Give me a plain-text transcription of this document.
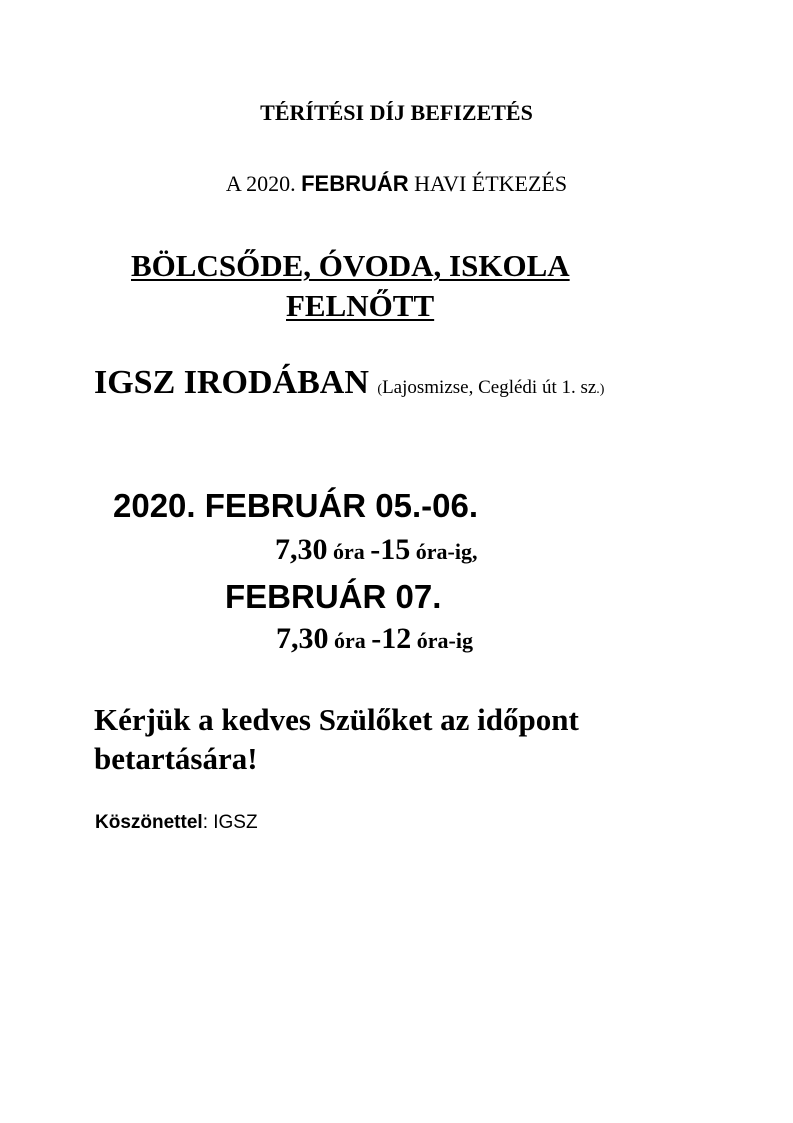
TÉRÍTÉSI DÍJ BEFIZETÉS
A 2020. FEBRUÁR HAVI ÉTKEZÉS
BÖLCSŐDE, ÓVODA, ISKOLA
FELNŐTT
IGSZ IRODÁBAN (Lajosmizse, Ceglédi út 1. sz.)
2020. FEBRUÁR 05.-06.
7,30 óra -15 óra-ig,
FEBRUÁR 07.
7,30 óra -12 óra-ig
Kérjük a kedves Szülőket az időpont
betartására!
Köszönettel: IGSZ
